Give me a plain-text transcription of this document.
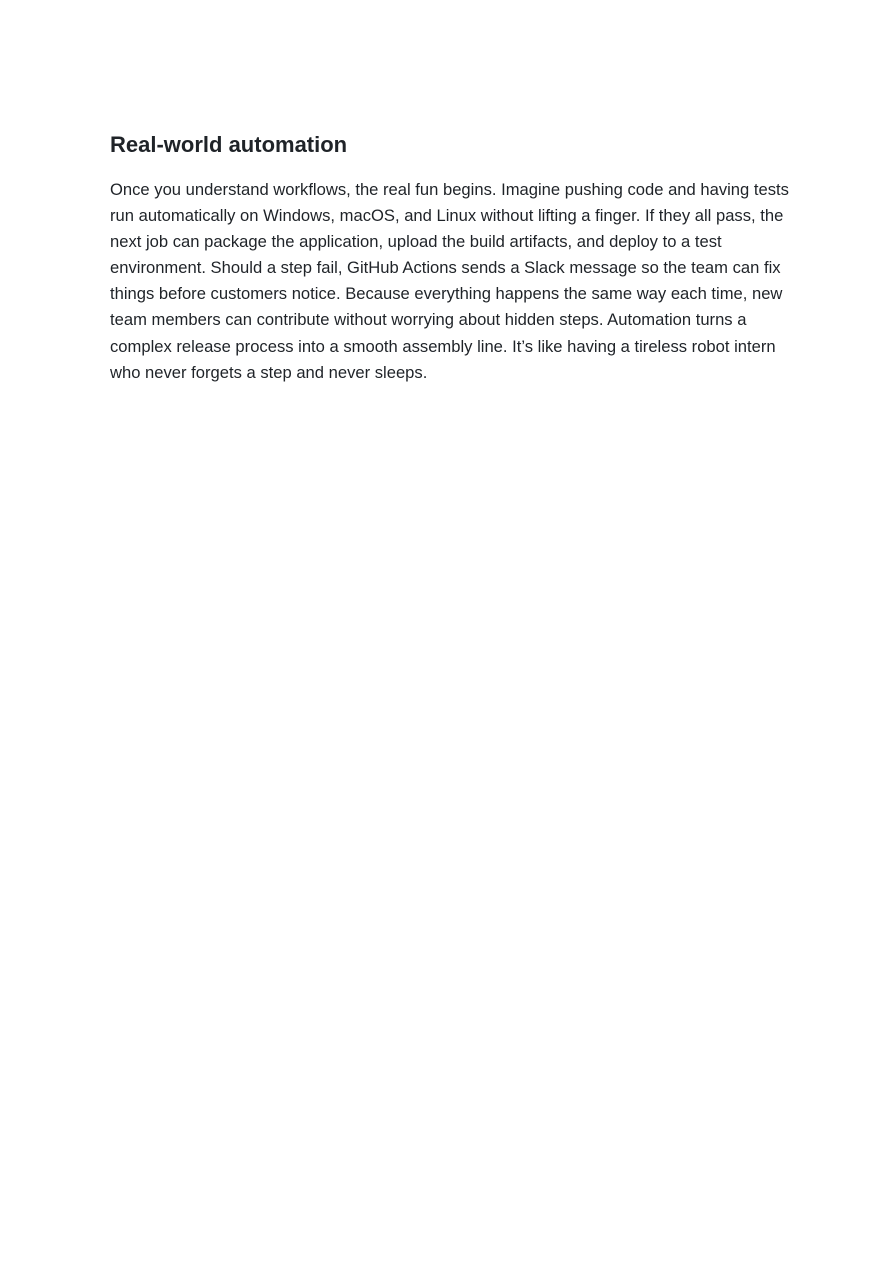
Real-world automation

Once you understand workflows, the real fun begins. Imagine pushing code and having tests run automatically on Windows, macOS, and Linux without lifting a finger. If they all pass, the next job can package the application, upload the build artifacts, and deploy to a test environment. Should a step fail, GitHub Actions sends a Slack message so the team can fix things before customers notice. Because everything happens the same way each time, new team members can contribute without worrying about hidden steps. Automation turns a complex release process into a smooth assembly line. It’s like having a tireless robot intern who never forgets a step and never sleeps.
